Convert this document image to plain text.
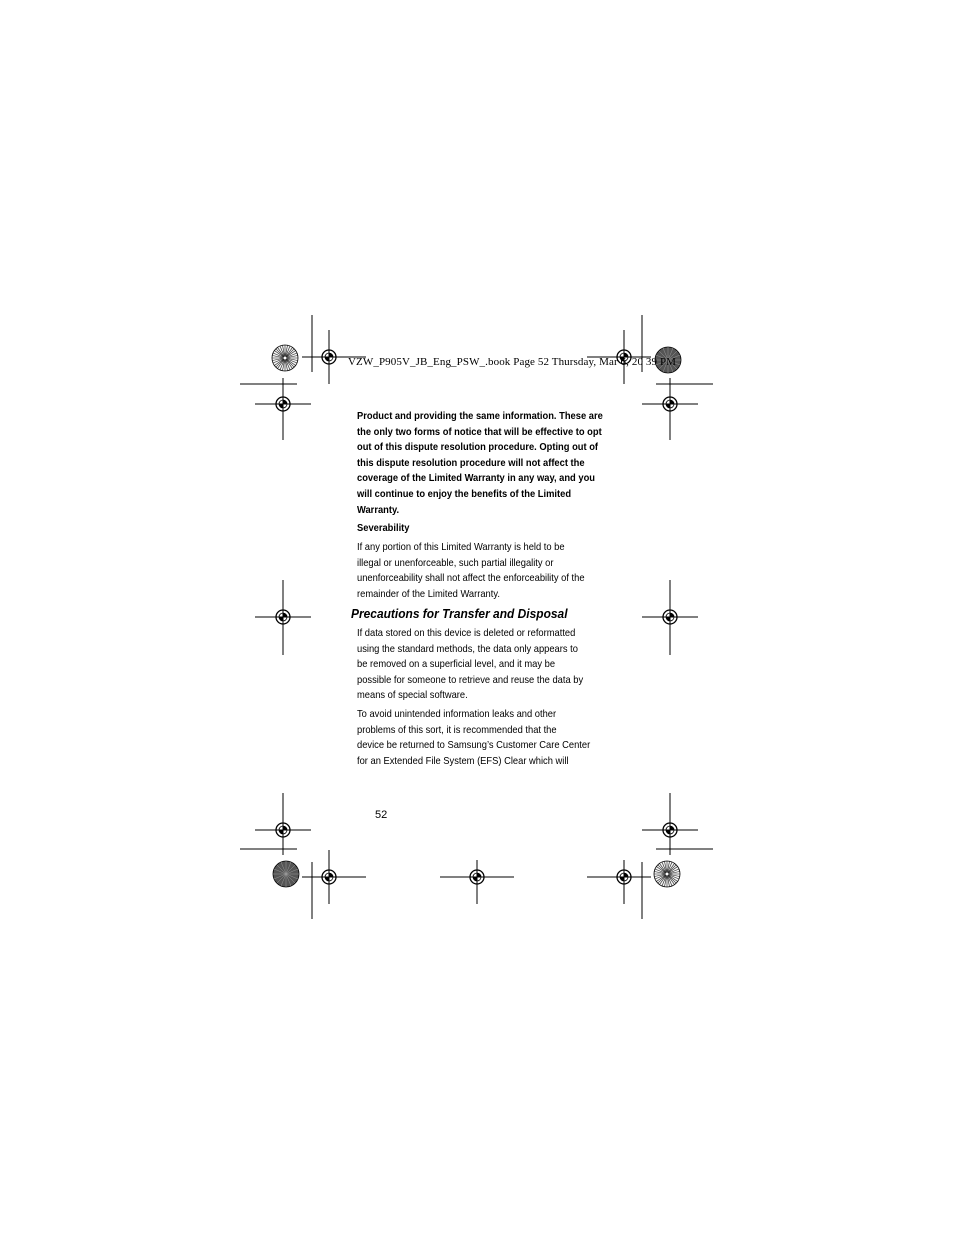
VZW_P905V_JB_Eng_PSW_.book Page 52 Thursday, Mar 6, 20 39 PM
Product and providing the same information. These are
the only two forms of notice that will be effective to opt
out of this dispute resolution procedure. Opting out of
this dispute resolution procedure will not affect the
coverage of the Limited Warranty in any way, and you
will continue to enjoy the benefits of the Limited
Warranty.
Severability
If any portion of this Limited Warranty is held to be
illegal or unenforceable, such partial illegality or
unenforceability shall not affect the enforceability of the
remainder of the Limited Warranty.
Precautions for Transfer and Disposal
If data stored on this device is deleted or reformatted
using the standard methods, the data only appears to
be removed on a superficial level, and it may be
possible for someone to retrieve and reuse the data by
means of special software.
To avoid unintended information leaks and other
problems of this sort, it is recommended that the
device be returned to Samsung’s Customer Care Center
for an Extended File System (EFS) Clear which will
52
